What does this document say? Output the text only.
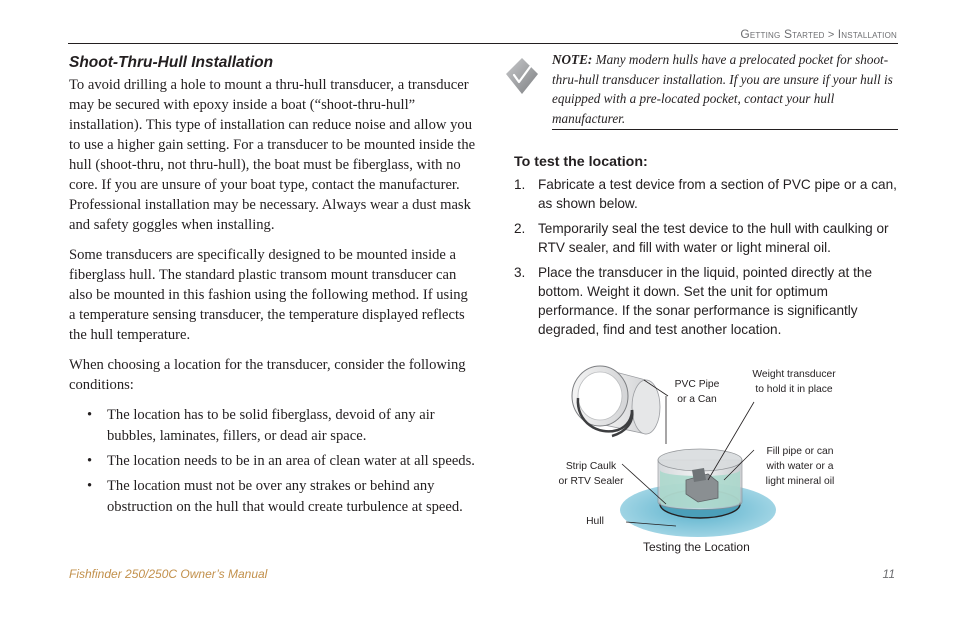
Getting Started > Installation
Shoot-Thru-Hull Installation

To avoid drilling a hole to mount a thru-hull transducer, a transducer may be secured with epoxy inside a boat (“shoot-thru-hull” installation). This type of installation can reduce noise and allow you to use a higher gain setting. For a transducer to be mounted inside the hull (shoot-thru, not thru-hull), the boat must be fiberglass, with no core. If you are unsure of your boat type, contact the manufacturer. Professional installation may be necessary. Always wear a dust mask and safety goggles when installing.

Some transducers are specifically designed to be mounted inside a fiberglass hull. The standard plastic transom mount transducer can also be mounted in this fashion using the following method. If using a temperature sensing transducer, the temperature displayed reflects the hull temperature.

When choosing a location for the transducer, consider the following conditions:

• The location has to be solid fiberglass, devoid of any air bubbles, laminates, fillers, or dead air space.
• The location needs to be in an area of clean water at all speeds.
• The location must not be over any strakes or behind any obstruction on the hull that would create turbulence at speed.

NOTE: Many modern hulls have a prelocated pocket for shoot-thru-hull transducer installation. If you are unsure if your hull is equipped with a pre-located pocket, contact your hull manufacturer.

To test the location:
1. Fabricate a test device from a section of PVC pipe or a can, as shown below.
2. Temporarily seal the test device to the hull with caulking or RTV sealer, and fill with water or light mineral oil.
3. Place the transducer in the liquid, pointed directly at the bottom. Weight it down. Set the unit for optimum performance. If the sonar performance is significantly degraded, find and test another location.
PVC Pipe
or a Can
Weight transducer
to hold it in place
Fill pipe or can
with water or a
light mineral oil
Strip Caulk
or RTV Sealer
Hull
Testing the Location
Fishfinder 250/250C Owner’s Manual	11
